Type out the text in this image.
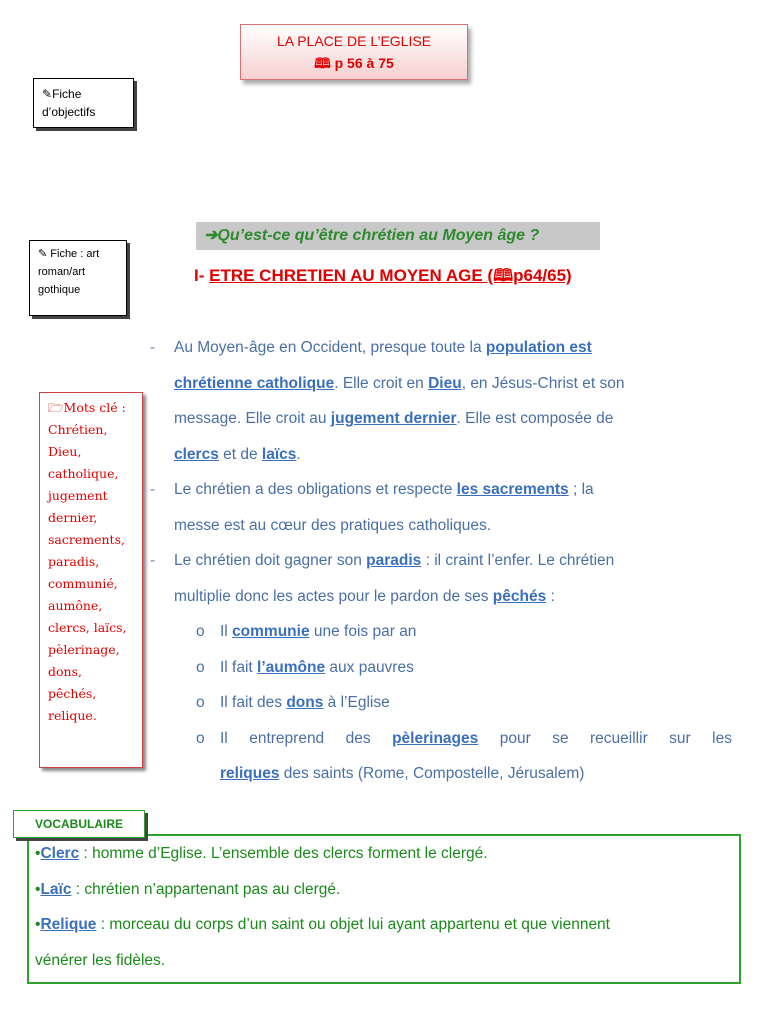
LA PLACE DE L’EGLISE
🕮 p 56 à 75
✎Fiche
d’objectifs
✎ Fiche : art
roman/art
gothique
➔Qu’est-ce qu’être chrétien au Moyen âge ?
I- ETRE CHRETIEN AU MOYEN AGE (🕮p64/65)
🗁Mots clé :
Chrétien,
Dieu,
catholique,
jugement dernier,
sacrements,
paradis,
communié,
aumône,
clercs, laïcs,
pèlerinage,
dons,
pêchés,
relique.

- Au Moyen-âge en Occident, presque toute la population est

chrétienne catholique. Elle croit en Dieu, en Jésus-Christ et son

message. Elle croit au jugement dernier. Elle est composée de

clercs et de laïcs.

- Le chrétien a des obligations et respecte les sacrements ; la

messe est au cœur des pratiques catholiques.

- Le chrétien doit gagner son paradis : il craint l’enfer. Le chrétien

multiplie donc les actes pour le pardon de ses pêchés :

o Il communie une fois par an

o Il fait l’aumône aux pauvres

o Il fait des dons à l’Eglise

o Il entreprend des pèlerinages pour se recueillir sur les

reliques des saints (Rome, Compostelle, Jérusalem)

•Clerc : homme d’Eglise. L’ensemble des clercs forment le clergé.

•Laïc : chrétien n’appartenant pas au clergé.

•Relique : morceau du corps d’un saint ou objet lui ayant appartenu et que viennent

vénérer les fidèles.

VOCABULAIRE
